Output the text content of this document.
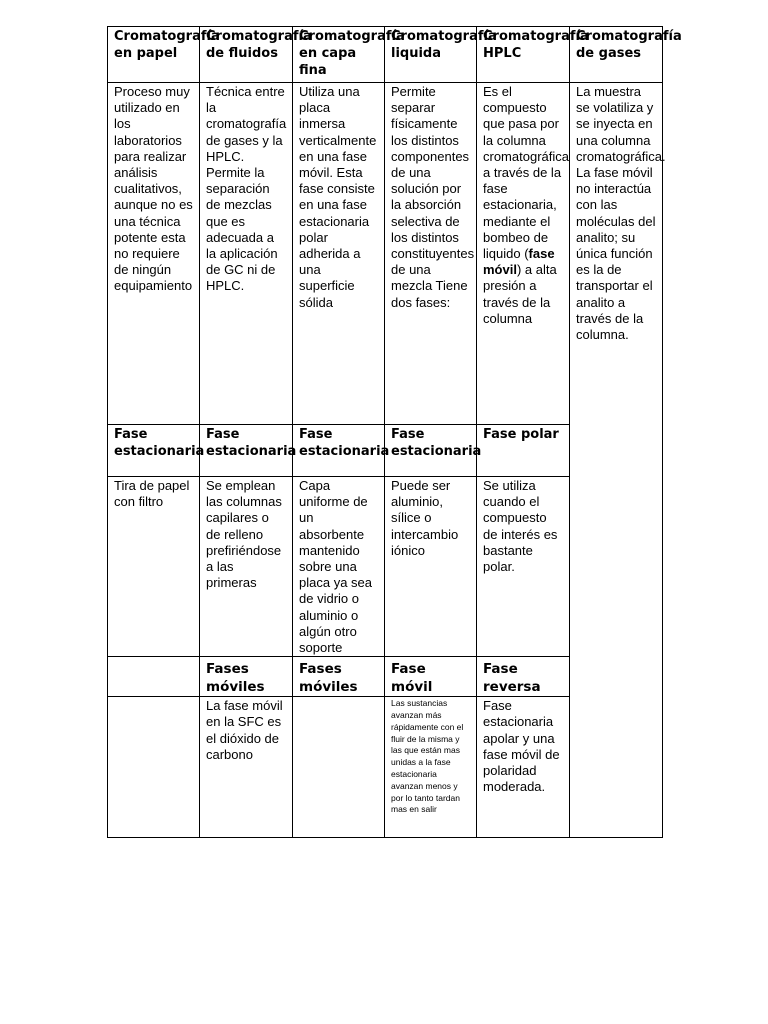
Cromatografía en papel	Cromatografía de fluidos	Cromatografía en capa fina	Cromatografía liquida	Cromatografía HPLC	Cromatografía de gases
Proceso muy utilizado en los laboratorios para realizar análisis cualitativos, aunque no es una técnica potente esta no requiere de ningún equipamiento	Técnica entre la cromatografía de gases y la HPLC. Permite la separación de mezclas que es adecuada a la aplicación de GC ni de HPLC.	Utiliza una placa inmersa verticalmente en una fase móvil. Esta fase consiste en una fase estacionaria polar adherida a una superficie sólida	Permite separar físicamente los distintos componentes de una solución por la absorción selectiva de los distintos constituyentes de una mezcla Tiene dos fases:	Es el compuesto que pasa por la columna cromatográfica a través de la fase estacionaria, mediante el bombeo de liquido (fase móvil) a alta presión a través de la columna	La muestra se volatiliza y se inyecta en una columna cromatográfica. La fase móvil no interactúa con las moléculas del analito; su única función es la de transportar el analito a través de la columna.
Fase estacionaria	Fase estacionaria	Fase estacionaria	Fase estacionaria	Fase polar	
Tira de papel con filtro	Se emplean las columnas capilares o de relleno prefiriéndose a las primeras	Capa uniforme de un absorbente mantenido sobre una placa ya sea de vidrio o aluminio o algún otro soporte	Puede ser aluminio, sílice o intercambio iónico	Se utiliza cuando el compuesto de interés es bastante polar.	
	Fases móviles	Fases móviles	Fase móvil	Fase reversa	
	La fase móvil en la SFC es el dióxido de carbono		Las sustancias avanzan más rápidamente con el fluir de la misma y las que están mas unidas a la fase estacionaria avanzan menos y por lo tanto tardan mas en salir	Fase estacionaria apolar y una fase móvil de polaridad moderada.	
